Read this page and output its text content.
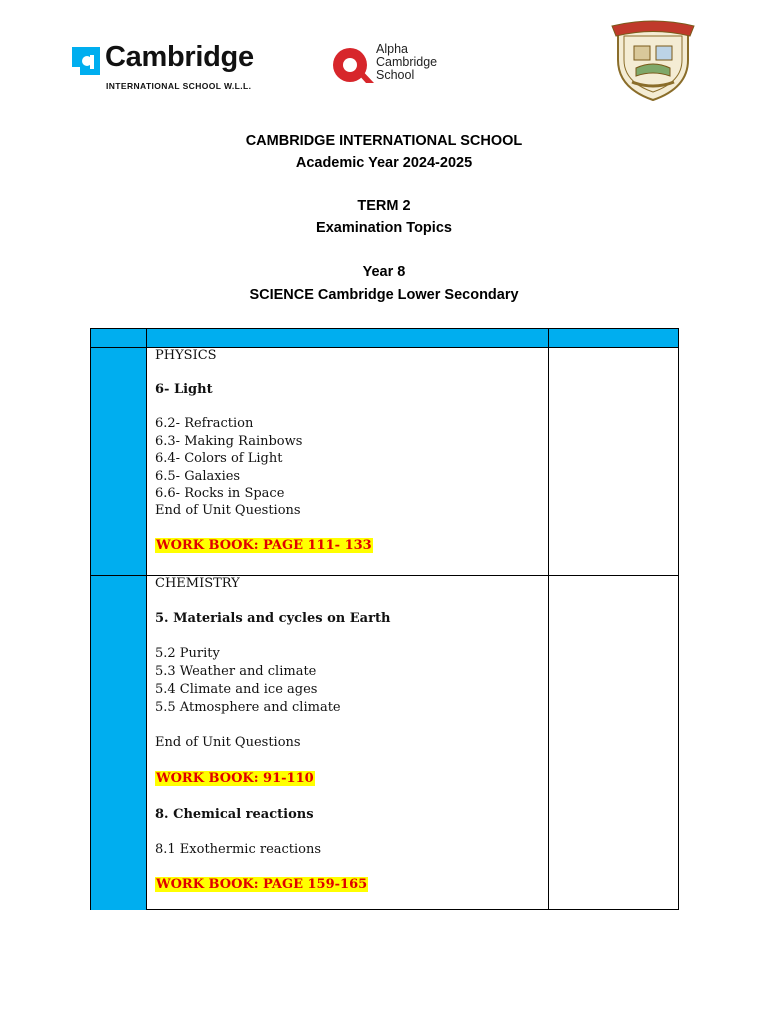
Cambridge
INTERNATIONAL SCHOOL W.L.L.
Alpha
Cambridge
School
CAMBRIDGE INTERNATIONAL SCHOOL
Academic Year 2024-2025
TERM 2
Examination Topics
Year 8
SCIENCE Cambridge Lower Secondary
PHYSICS
6- Light
6.2- Refraction
6.3- Making Rainbows
6.4- Colors of Light
6.5- Galaxies
6.6- Rocks in Space
End of Unit Questions
WORK BOOK: PAGE 111- 133
CHEMISTRY
5. Materials and cycles on Earth
5.2 Purity
5.3 Weather and climate
5.4 Climate and ice ages
5.5 Atmosphere and climate
End of Unit Questions
WORK BOOK: 91-110
8. Chemical reactions
8.1 Exothermic reactions
WORK BOOK: PAGE 159-165
